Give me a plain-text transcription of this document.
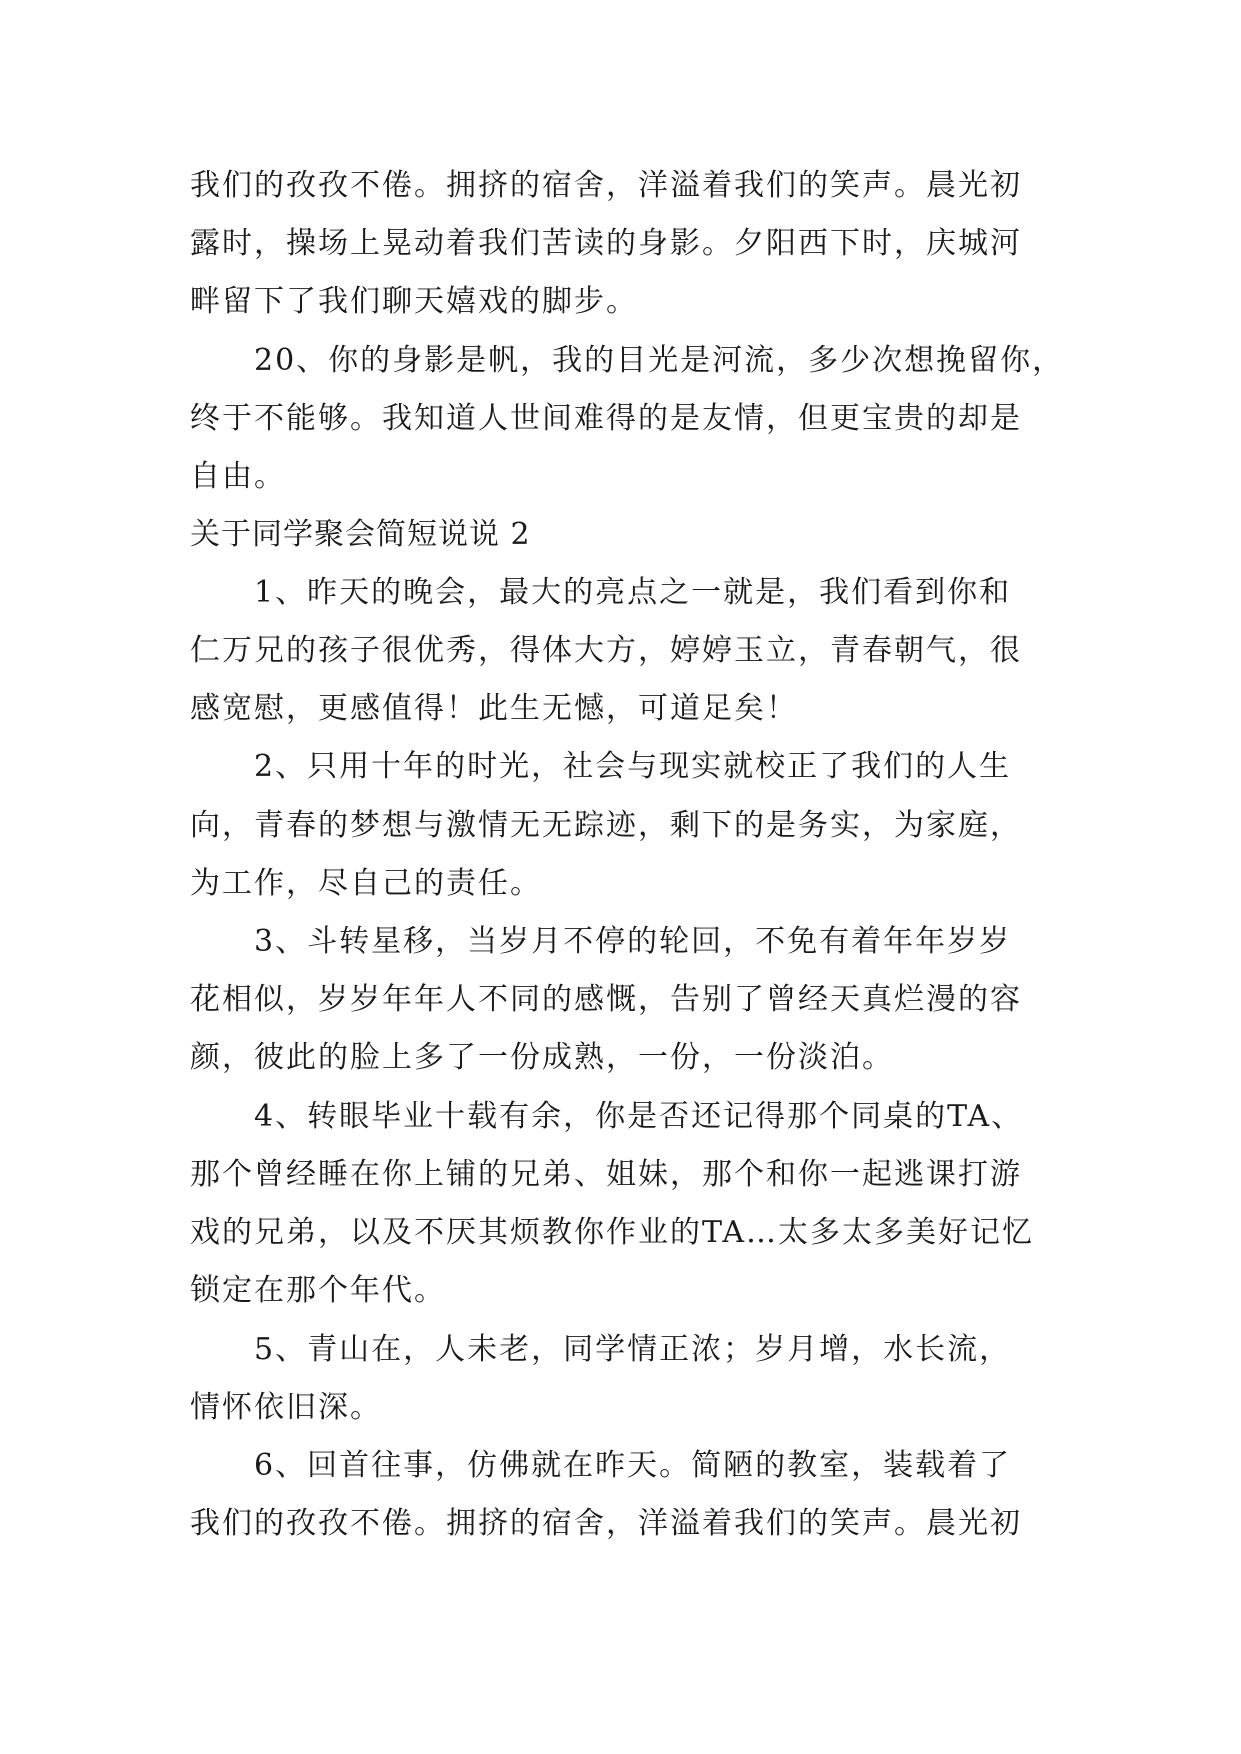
我们的孜孜不倦。拥挤的宿舍，洋溢着我们的笑声。晨光初
露时，操场上晃动着我们苦读的身影。夕阳西下时，庆城河
畔留下了我们聊天嬉戏的脚步。
　　20、你的身影是帆，我的目光是河流，多少次想挽留你，
终于不能够。我知道人世间难得的是友情，但更宝贵的却是
自由。
关于同学聚会简短说说 2
　　1、昨天的晚会，最大的亮点之一就是，我们看到你和
仁万兄的孩子很优秀，得体大方，婷婷玉立，青春朝气，很
感宽慰，更感值得！此生无憾，可道足矣！
　　2、只用十年的时光，社会与现实就校正了我们的人生
向，青春的梦想与激情无无踪迹，剩下的是务实，为家庭，
为工作，尽自己的责任。
　　3、斗转星移，当岁月不停的轮回，不免有着年年岁岁
花相似，岁岁年年人不同的感慨，告别了曾经天真烂漫的容
颜，彼此的脸上多了一份成熟，一份，一份淡泊。
　　4、转眼毕业十载有余，你是否还记得那个同桌的TA、
那个曾经睡在你上铺的兄弟、姐妹，那个和你一起逃课打游
戏的兄弟，以及不厌其烦教你作业的TA…太多太多美好记忆
锁定在那个年代。
　　5、青山在，人未老，同学情正浓；岁月增，水长流，
情怀依旧深。
　　6、回首往事，仿佛就在昨天。简陋的教室，装载着了
我们的孜孜不倦。拥挤的宿舍，洋溢着我们的笑声。晨光初
